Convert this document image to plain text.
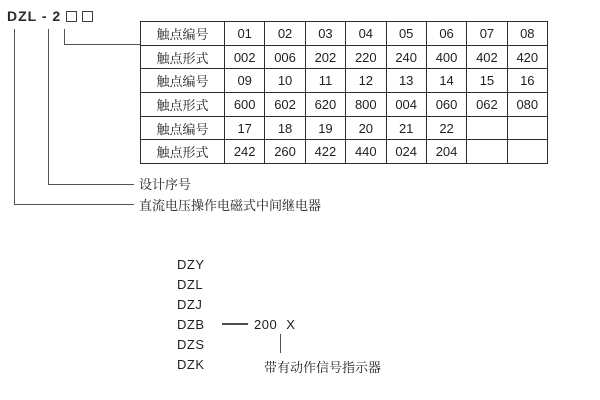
DZL - 2
触点编号	01	02	03	04	05	06	07	08
触点形式	002	006	202	220	240	400	402	420
触点编号	09	10	11	12	13	14	15	16
触点形式	600	602	620	800	004	060	062	080
触点编号	17	18	19	20	21	22		
触点形式	242	260	422	440	024	204		
设计序号
直流电压操作电磁式中间继电器
DZY
DZL
DZJ
DZB	200 X
DZS
DZK	带有动作信号指示器
